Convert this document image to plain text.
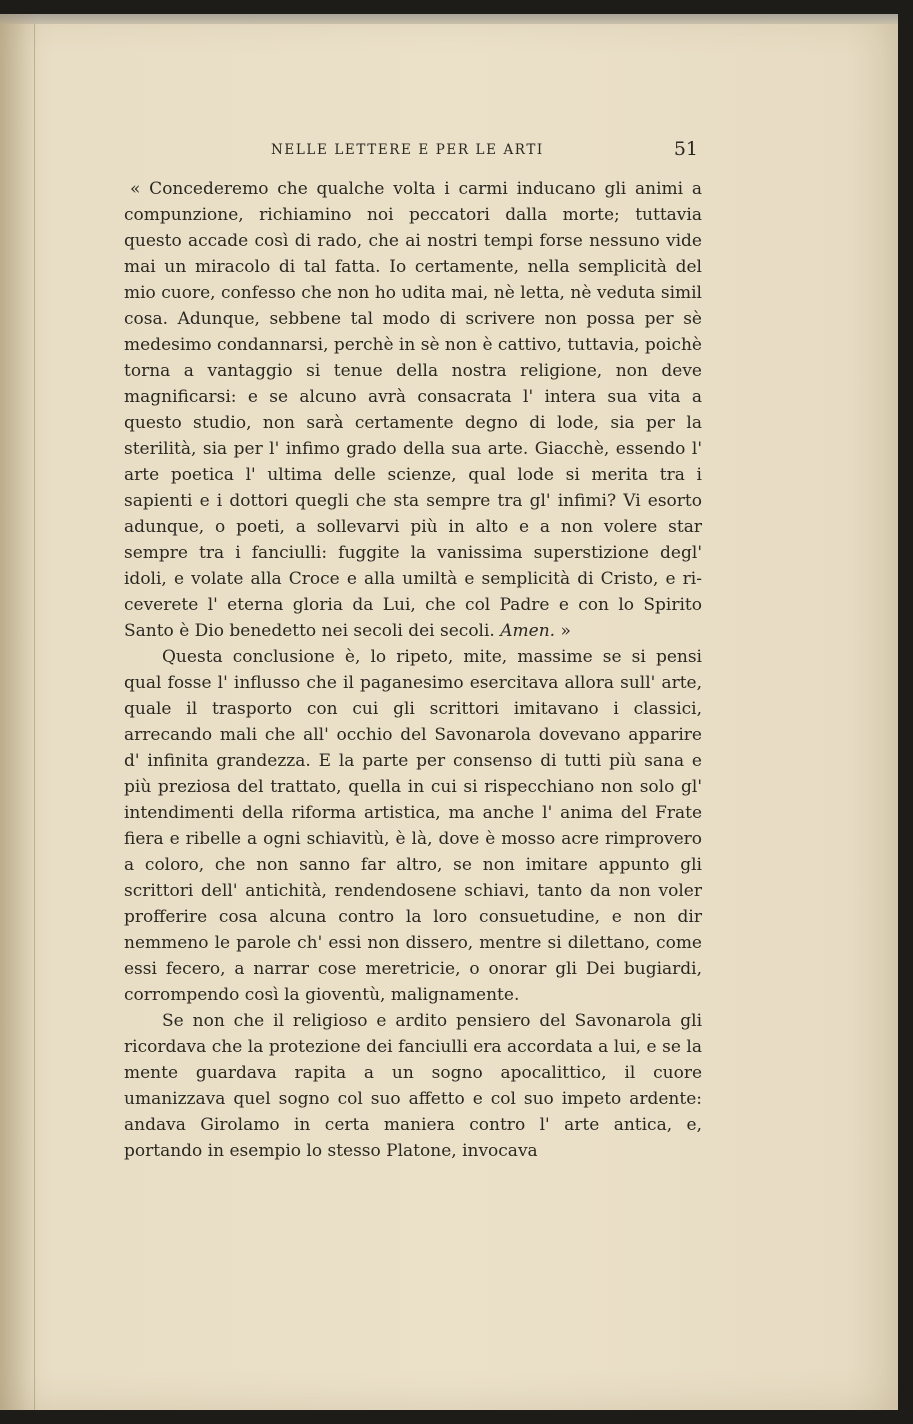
NELLE LETTERE E PER LE ARTI	51

« Concederemo che qualche volta i carmi inducano gli animi a compunzione, richiamino noi peccatori dalla morte; tuttavia questo accade così di rado, che ai nostri tempi forse nessuno vide mai un miracolo di tal fatta. Io certamente, nella semplicità del mio cuore, confesso che non ho udita mai, nè letta, nè veduta simil cosa. Adunque, sebbene tal modo di scrivere non possa per sè medesimo condannarsi, perchè in sè non è cattivo, tuttavia, poichè torna a vantaggio si tenue della nostra religione, non deve magnificarsi: e se alcuno avrà consacrata l' intera sua vita a questo studio, non sarà certamente degno di lode, sia per la sterilità, sia per l' infimo grado della sua arte. Giacchè, essendo l' arte poetica l' ultima delle scienze, qual lode si merita tra i sapienti e i dottori quegli che sta sempre tra gl' infimi? Vi esorto adunque, o poeti, a sollevarvi più in alto e a non volere star sempre tra i fanciulli: fuggite la vanissima superstizione degl' idoli, e volate alla Croce e alla umiltà e semplicità di Cristo, e riceverete l' eterna gloria da Lui, che col Padre e con lo Spirito Santo è Dio benedetto nei secoli dei secoli. Amen. »

Questa conclusione è, lo ripeto, mite, massime se si pensi qual fosse l' influsso che il paganesimo esercitava allora sull' arte, quale il trasporto con cui gli scrittori imitavano i classici, arrecando mali che all' occhio del Savonarola dovevano apparire d' infinita grandezza. E la parte per consenso di tutti più sana e più preziosa del trattato, quella in cui si rispecchiano non solo gl' intendimenti della riforma artistica, ma anche l' anima del Frate fiera e ribelle a ogni schiavitù, è là, dove è mosso acre rimprovero a coloro, che non sanno far altro, se non imitare appunto gli scrittori dell' antichità, rendendosene schiavi, tanto da non voler profferire cosa alcuna contro la loro consuetudine, e non dir nemmeno le parole ch' essi non dissero, mentre si dilettano, come essi fecero, a narrar cose meretricie, o onorar gli Dei bugiardi, corrompendo così la gioventù, malignamente.

Se non che il religioso e ardito pensiero del Savonarola gli ricordava che la protezione dei fanciulli era accordata a lui, e se la mente guardava rapita a un sogno apocalittico, il cuore umanizzava quel sogno col suo affetto e col suo impeto ardente: andava Girolamo in certa maniera contro l' arte antica, e, portando in esempio lo stesso Platone, invocava
